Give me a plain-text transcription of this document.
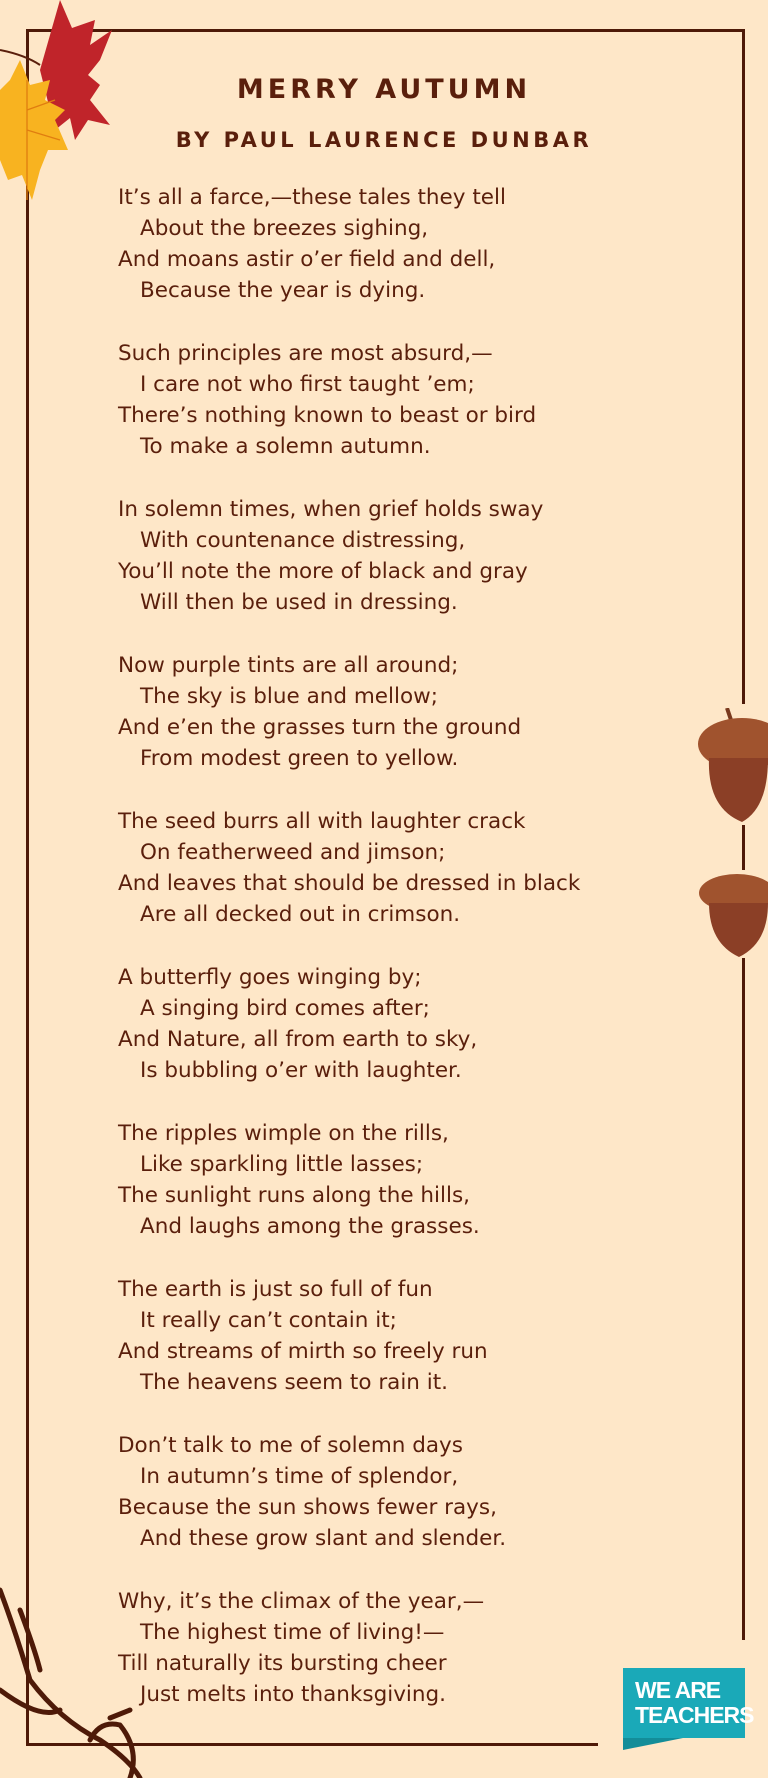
MERRY AUTUMN
BY PAUL LAURENCE DUNBAR
It’s all a farce,—these tales they tell
About the breezes sighing,
And moans astir o’er field and dell,
Because the year is dying.
Such principles are most absurd,—
I care not who first taught ’em;
There’s nothing known to beast or bird
To make a solemn autumn.
In solemn times, when grief holds sway
With countenance distressing,
You’ll note the more of black and gray
Will then be used in dressing.
Now purple tints are all around;
The sky is blue and mellow;
And e’en the grasses turn the ground
From modest green to yellow.
The seed burrs all with laughter crack
On featherweed and jimson;
And leaves that should be dressed in black
Are all decked out in crimson.
A butterfly goes winging by;
A singing bird comes after;
And Nature, all from earth to sky,
Is bubbling o’er with laughter.
The ripples wimple on the rills,
Like sparkling little lasses;
The sunlight runs along the hills,
And laughs among the grasses.
The earth is just so full of fun
It really can’t contain it;
And streams of mirth so freely run
The heavens seem to rain it.
Don’t talk to me of solemn days
In autumn’s time of splendor,
Because the sun shows fewer rays,
And these grow slant and slender.
Why, it’s the climax of the year,—
The highest time of living!—
Till naturally its bursting cheer
Just melts into thanksgiving.	WE ARE
TEACHERS
